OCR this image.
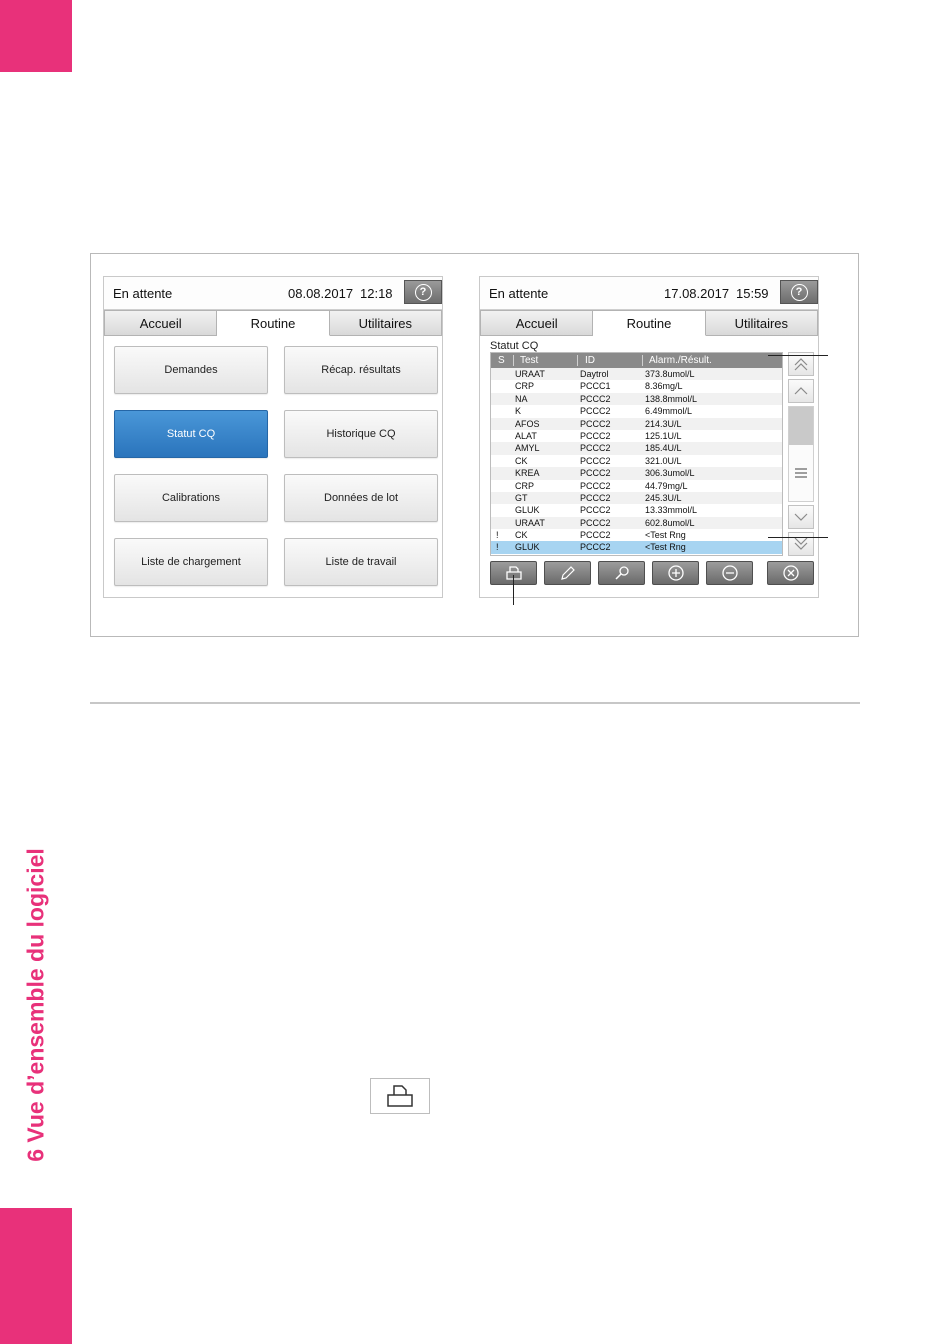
6 Vue d’ensemble du logiciel
En attente	08.08.2017 12:18	?
Accueil	Routine	Utilitaires
Demandes	Récap. résultats
Statut CQ	Historique CQ
Calibrations	Données de lot
Liste de chargement	Liste de travail
En attente	17.08.2017 15:59	?
Accueil	Routine	Utilitaires
Statut CQ
S Test	ID	Alarm./Résult.
URAAT	Daytrol	373.8umol/L
CRP	PCCC1	8.36mg/L
NA	PCCC2	138.8mmol/L
K	PCCC2	6.49mmol/L
AFOS	PCCC2	214.3U/L
ALAT	PCCC2	125.1U/L
AMYL	PCCC2	185.4U/L
CK	PCCC2	321.0U/L
KREA	PCCC2	306.3umol/L
CRP	PCCC2	44.79mg/L
GT	PCCC2	245.3U/L
GLUK	PCCC2	13.33mmol/L
URAAT	PCCC2	602.8umol/L
! CK	PCCC2	<Test Rng
! GLUK	PCCC2	<Test Rng
